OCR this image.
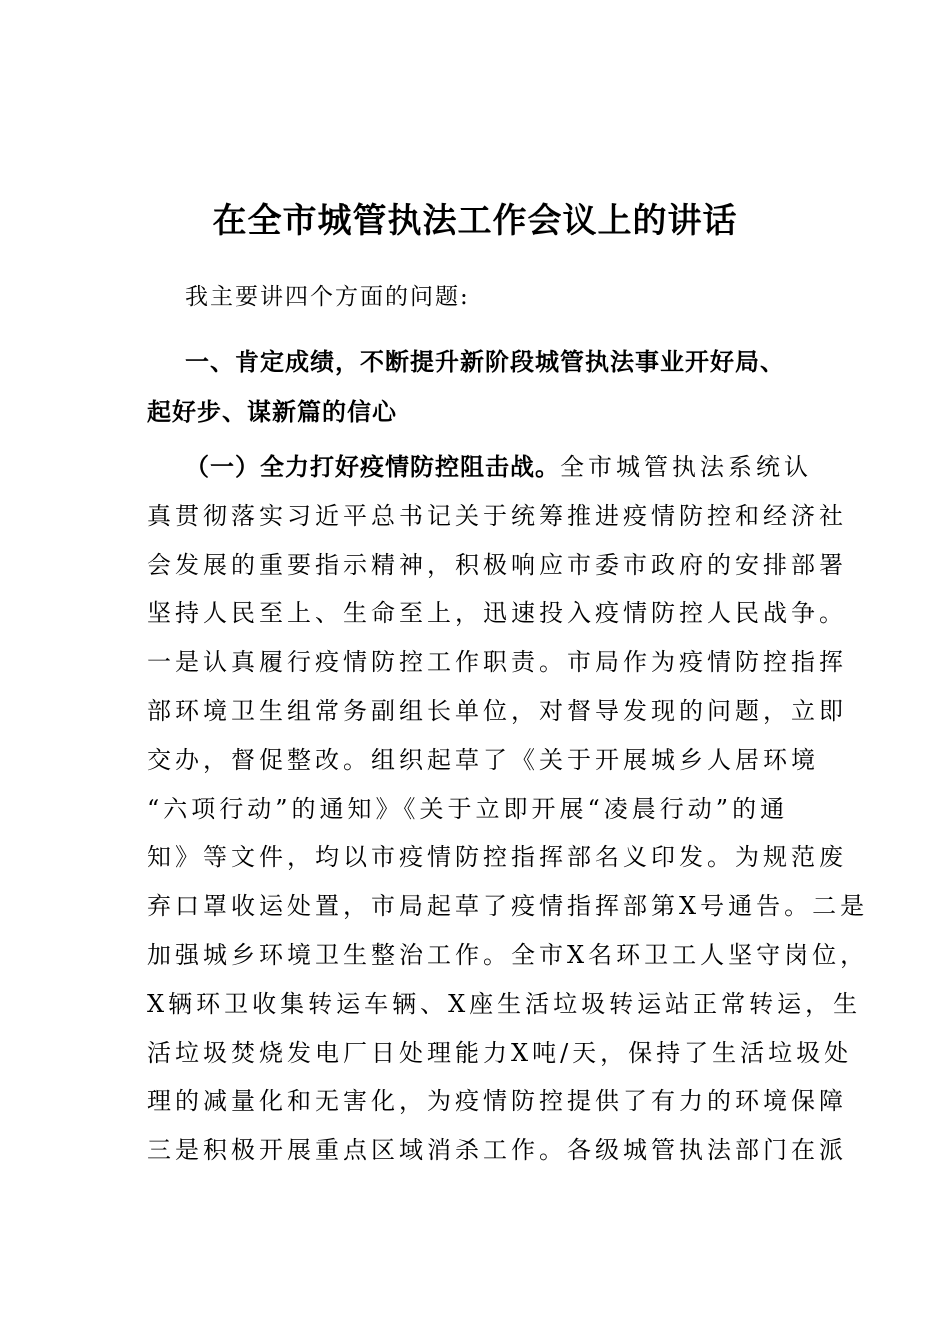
在全市城管执法工作会议上的讲话
我主要讲四个方面的问题:
一、肯定成绩，不断提升新阶段城管执法事业开好局、
起好步、谋新篇的信心
（一）全力打好疫情防控阻击战。全市城管执法系统认
真贯彻落实习近平总书记关于统筹推进疫情防控和经济社
会发展的重要指示精神，积极响应市委市政府的安排部署
坚持人民至上、生命至上，迅速投入疫情防控人民战争。
一是认真履行疫情防控工作职责。市局作为疫情防控指挥
部环境卫生组常务副组长单位，对督导发现的问题，立即
交办，督促整改。组织起草了《关于开展城乡人居环境
“六项行动”的通知》《关于立即开展“凌晨行动”的通
知》等文件，均以市疫情防控指挥部名义印发。为规范废
弃口罩收运处置，市局起草了疫情指挥部第X号通告。二是
加强城乡环境卫生整治工作。全市X名环卫工人坚守岗位，
X辆环卫收集转运车辆、X座生活垃圾转运站正常转运，生
活垃圾焚烧发电厂日处理能力X吨/天，保持了生活垃圾处
理的减量化和无害化，为疫情防控提供了有力的环境保障
三是积极开展重点区域消杀工作。各级城管执法部门在派
